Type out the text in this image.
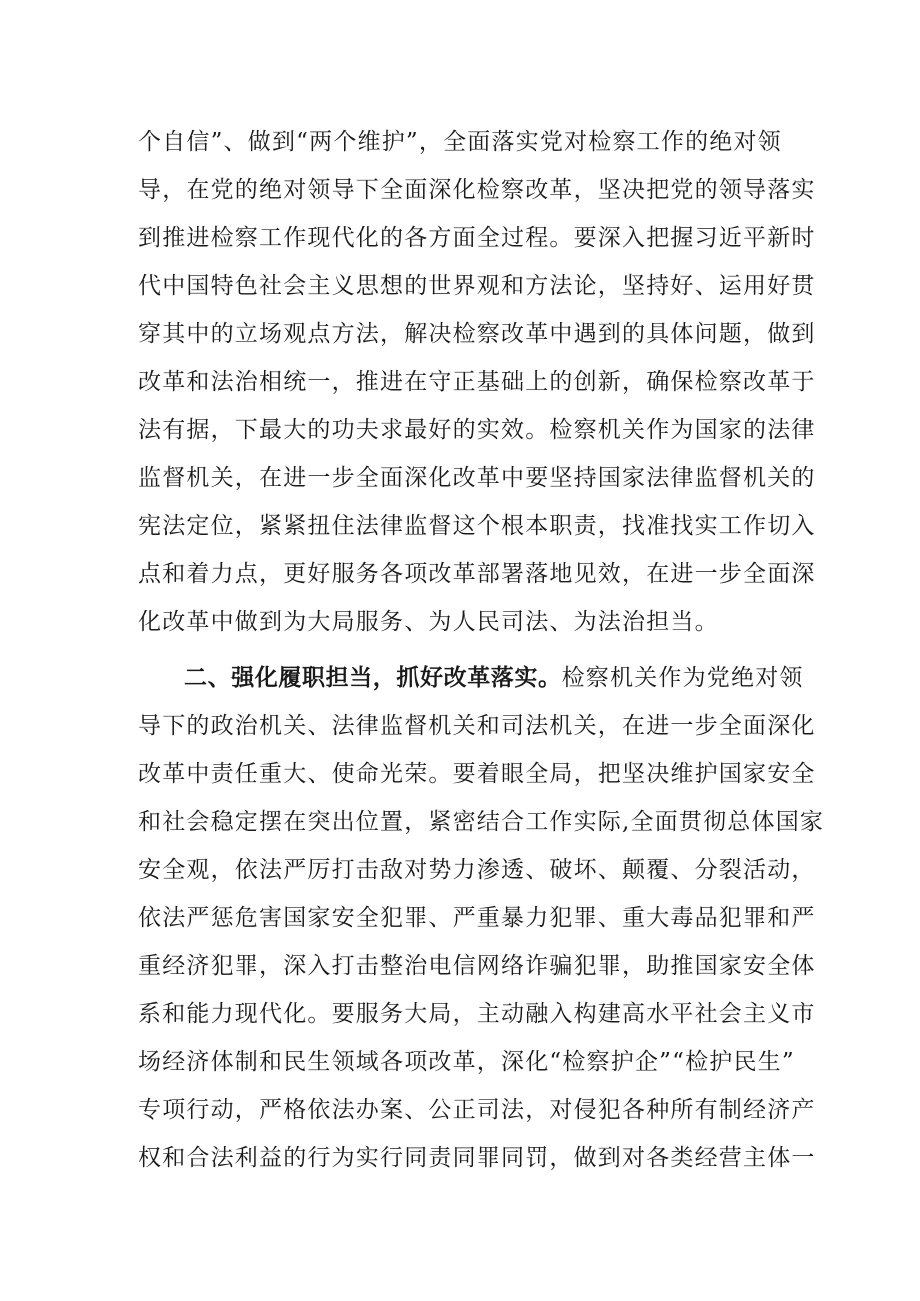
个自信”、做到“两个维护”，全面落实党对检察工作的绝对领
导，在党的绝对领导下全面深化检察改革，坚决把党的领导落实
到推进检察工作现代化的各方面全过程。要深入把握习近平新时
代中国特色社会主义思想的世界观和方法论，坚持好、运用好贯
穿其中的立场观点方法，解决检察改革中遇到的具体问题，做到
改革和法治相统一，推进在守正基础上的创新，确保检察改革于
法有据，下最大的功夫求最好的实效。检察机关作为国家的法律
监督机关，在进一步全面深化改革中要坚持国家法律监督机关的
宪法定位，紧紧扭住法律监督这个根本职责，找准找实工作切入
点和着力点，更好服务各项改革部署落地见效，在进一步全面深
化改革中做到为大局服务、为人民司法、为法治担当。
二、强化履职担当，抓好改革落实。检察机关作为党绝对领
导下的政治机关、法律监督机关和司法机关，在进一步全面深化
改革中责任重大、使命光荣。要着眼全局，把坚决维护国家安全
和社会稳定摆在突出位置，紧密结合工作实际,全面贯彻总体国家
安全观，依法严厉打击敌对势力渗透、破坏、颠覆、分裂活动，
依法严惩危害国家安全犯罪、严重暴力犯罪、重大毒品犯罪和严
重经济犯罪，深入打击整治电信网络诈骗犯罪，助推国家安全体
系和能力现代化。要服务大局，主动融入构建高水平社会主义市
场经济体制和民生领域各项改革，深化“检察护企”“检护民生”
专项行动，严格依法办案、公正司法，对侵犯各种所有制经济产
权和合法利益的行为实行同责同罪同罚，做到对各类经营主体一
